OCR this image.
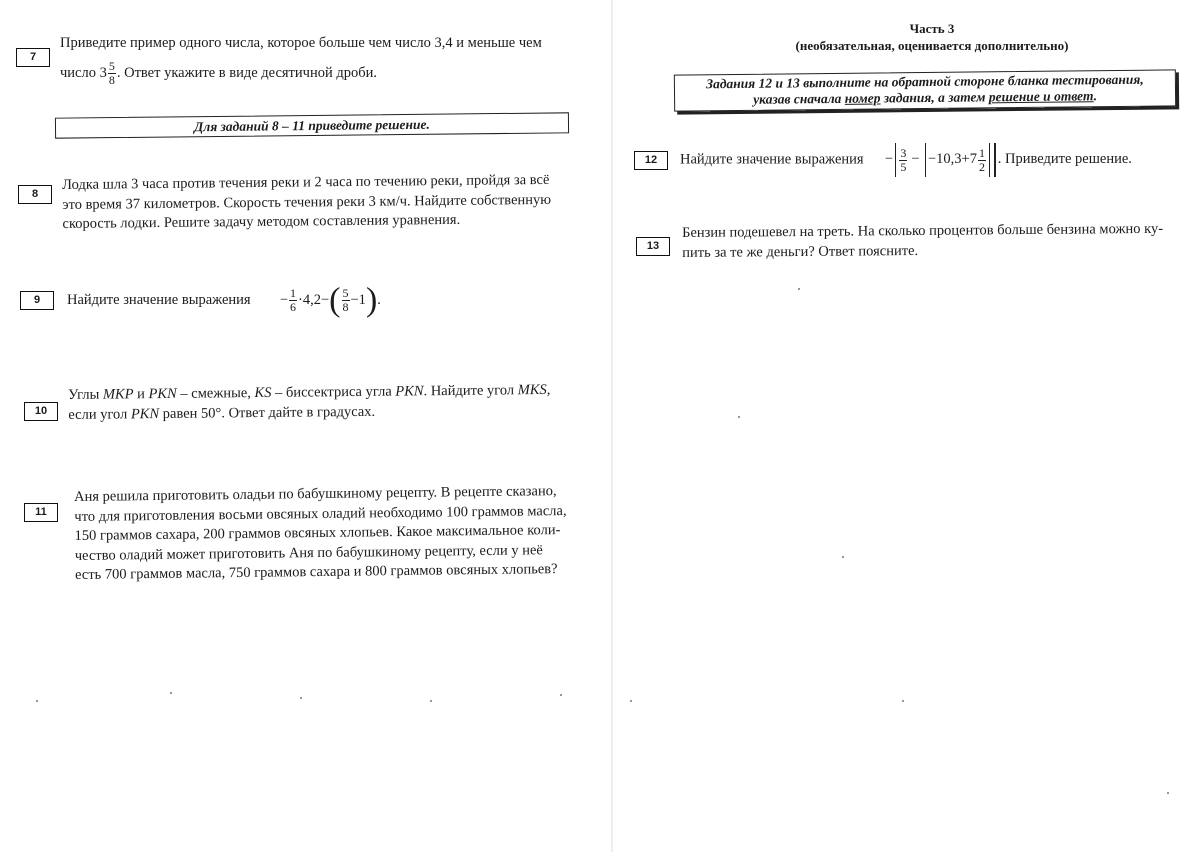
7
Приведите пример одного числа, которое больше чем число 3,4 и меньше чем
число $3 \frac{5}{8}$ . Ответ укажите в виде десятичной дроби.
Для заданий 8 – 11 приведите решение.
8
Лодка шла 3 часа против течения реки и 2 часа по течению реки, пройдя за всё
это время 37 километров. Скорость течения реки 3 км/ч. Найдите собственную
скорость лодки. Решите задачу методом составления уравнения.
9	Найдите значение выражения − $\frac{1}{6} \cdot 4,2-( \frac{5}{8} -1)$.
10
Углы MKP и PKN – смежные, KS – биссектриса угла PKN. Найдите угол MKS,
если угол PKN равен 50°. Ответ дайте в градусах.
11
Аня решила приготовить оладьи по бабушкиному рецепту. В рецепте сказано,
что для приготовления восьми овсяных оладий необходимо 100 граммов масла,
150 граммов сахара, 200 граммов овсяных хлопьев. Какое максимальное коли-
чество оладий может приготовить Аня по бабушкиному рецепту, если у неё
есть 700 граммов масла, 750 граммов сахара и 800 граммов овсяных хлопьев?
Часть 3
(необязательная, оценивается дополнительно)
Задания 12 и 13 выполните на обратной стороне бланка тестирования,
указав сначала номер задания, а затем решение и ответ.
12	Найдите значение выражения − $\frac{3}{5} - -10,3+7 \frac{1}{2}$ . Приведите решение.
13
Бензин подешевел на треть. На сколько процентов больше бензина можно ку-
пить за те же деньги? Ответ поясните.
